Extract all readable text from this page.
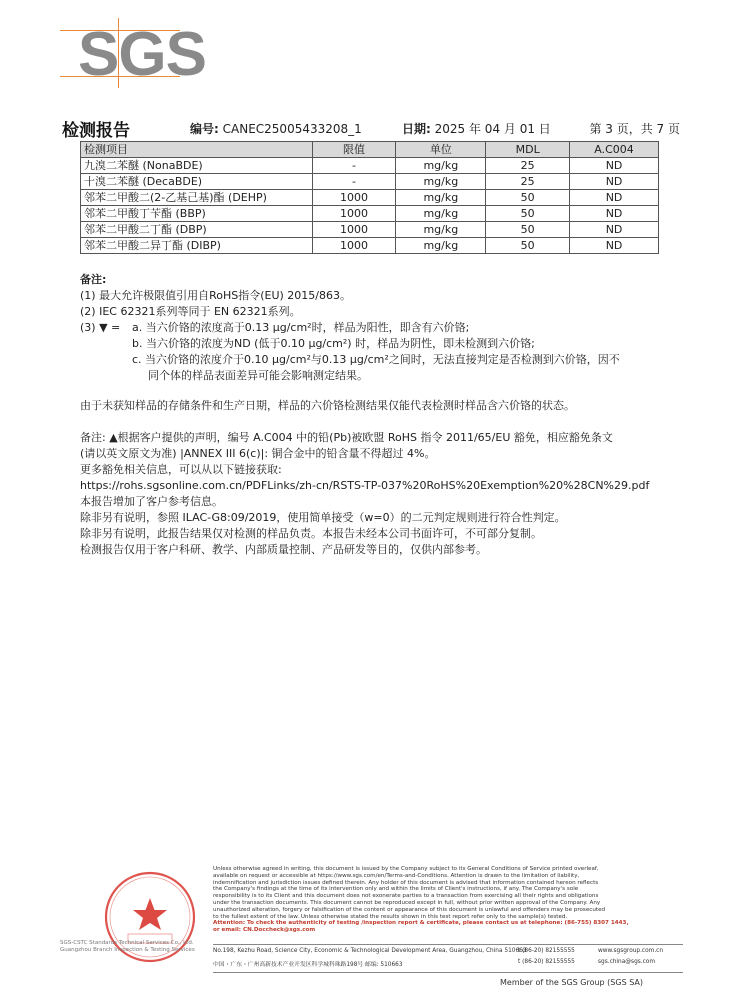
SGS
检测报告	编号: CANEC25005433208_1	日期: 2025 年 04 月 01 日	第 3 页，共 7 页
检测项目	限值	单位	MDL	A.C004
九溴二苯醚 (NonaBDE)	-	mg/kg	25	ND
十溴二苯醚 (DecaBDE)	-	mg/kg	25	ND
邻苯二甲酸二(2-乙基己基)酯 (DEHP)	1000	mg/kg	50	ND
邻苯二甲酸丁苄酯 (BBP)	1000	mg/kg	50	ND
邻苯二甲酸二丁酯 (DBP)	1000	mg/kg	50	ND
邻苯二甲酸二异丁酯 (DIBP)	1000	mg/kg	50	ND
备注:
(1) 最大允许极限值引用自RoHS指令(EU) 2015/863。
(2) IEC 62321系列等同于 EN 62321系列。
(3) ▼ =	a. 当六价铬的浓度高于0.13 μg/cm²时，样品为阳性，即含有六价铬;
b. 当六价铬的浓度为ND (低于0.10 μg/cm²) 时，样品为阴性，即未检测到六价铬;
c. 当六价铬的浓度介于0.10 μg/cm²与0.13 μg/cm²之间时，无法直接判定是否检测到六价铬，因不
同个体的样品表面差异可能会影响测定结果。
由于未获知样品的存储条件和生产日期，样品的六价铬检测结果仅能代表检测时样品含六价铬的状态。
备注: ▲根据客户提供的声明，编号 A.C004 中的铅(Pb)被欧盟 RoHS 指令 2011/65/EU 豁免，相应豁免条文
(请以英文原文为准) |ANNEX III 6(c)|: 铜合金中的铅含量不得超过 4%。
更多豁免相关信息，可以从以下链接获取:
https://rohs.sgsonline.com.cn/PDFLinks/zh-cn/RSTS-TP-037%20RoHS%20Exemption%20%28CN%29.pdf
本报告增加了客户参考信息。
除非另有说明，参照 ILAC-G8:09/2019，使用简单接受（w=0）的二元判定规则进行符合性判定。
除非另有说明，此报告结果仅对检测的样品负责。本报告未经本公司书面许可，不可部分复制。
检测报告仅用于客户科研、教学、内部质量控制、产品研发等目的，仅供内部参考。
SGS-CSTC Standards Technical Services Co., Ltd.
Guangzhou Branch Inspection & Testing Services
Unless otherwise agreed in writing, this document is issued by the Company subject to its General Conditions of Service printed overleaf,
available on request or accessible at https://www.sgs.com/en/Terms-and-Conditions. Attention is drawn to the limitation of liability,
indemnification and jurisdiction issues defined therein. Any holder of this document is advised that information contained hereon reflects
the Company's findings at the time of its intervention only and within the limits of Client's instructions, if any. The Company's sole
responsibility is to its Client and this document does not exonerate parties to a transaction from exercising all their rights and obligations
under the transaction documents. This document cannot be reproduced except in full, without prior written approval of the Company. Any
unauthorized alteration, forgery or falsification of the content or appearance of this document is unlawful and offenders may be prosecuted
to the fullest extent of the law. Unless otherwise stated the results shown in this test report refer only to the sample(s) tested.
Attention: To check the authenticity of testing /inspection report & certificate, please contact us at telephone: (86-755) 8307 1443,
or email: CN.Doccheck@sgs.com
No.198, Kezhu Road, Science City, Economic & Technological Development Area, Guangzhou, China 510663
t (86-20) 82155555	www.sgsgroup.com.cn
中国・广东・广州高新技术产业开发区科学城科珠路198号 邮编: 510663	t (86-20) 82155555	sgs.china@sgs.com
Member of the SGS Group (SGS SA)
